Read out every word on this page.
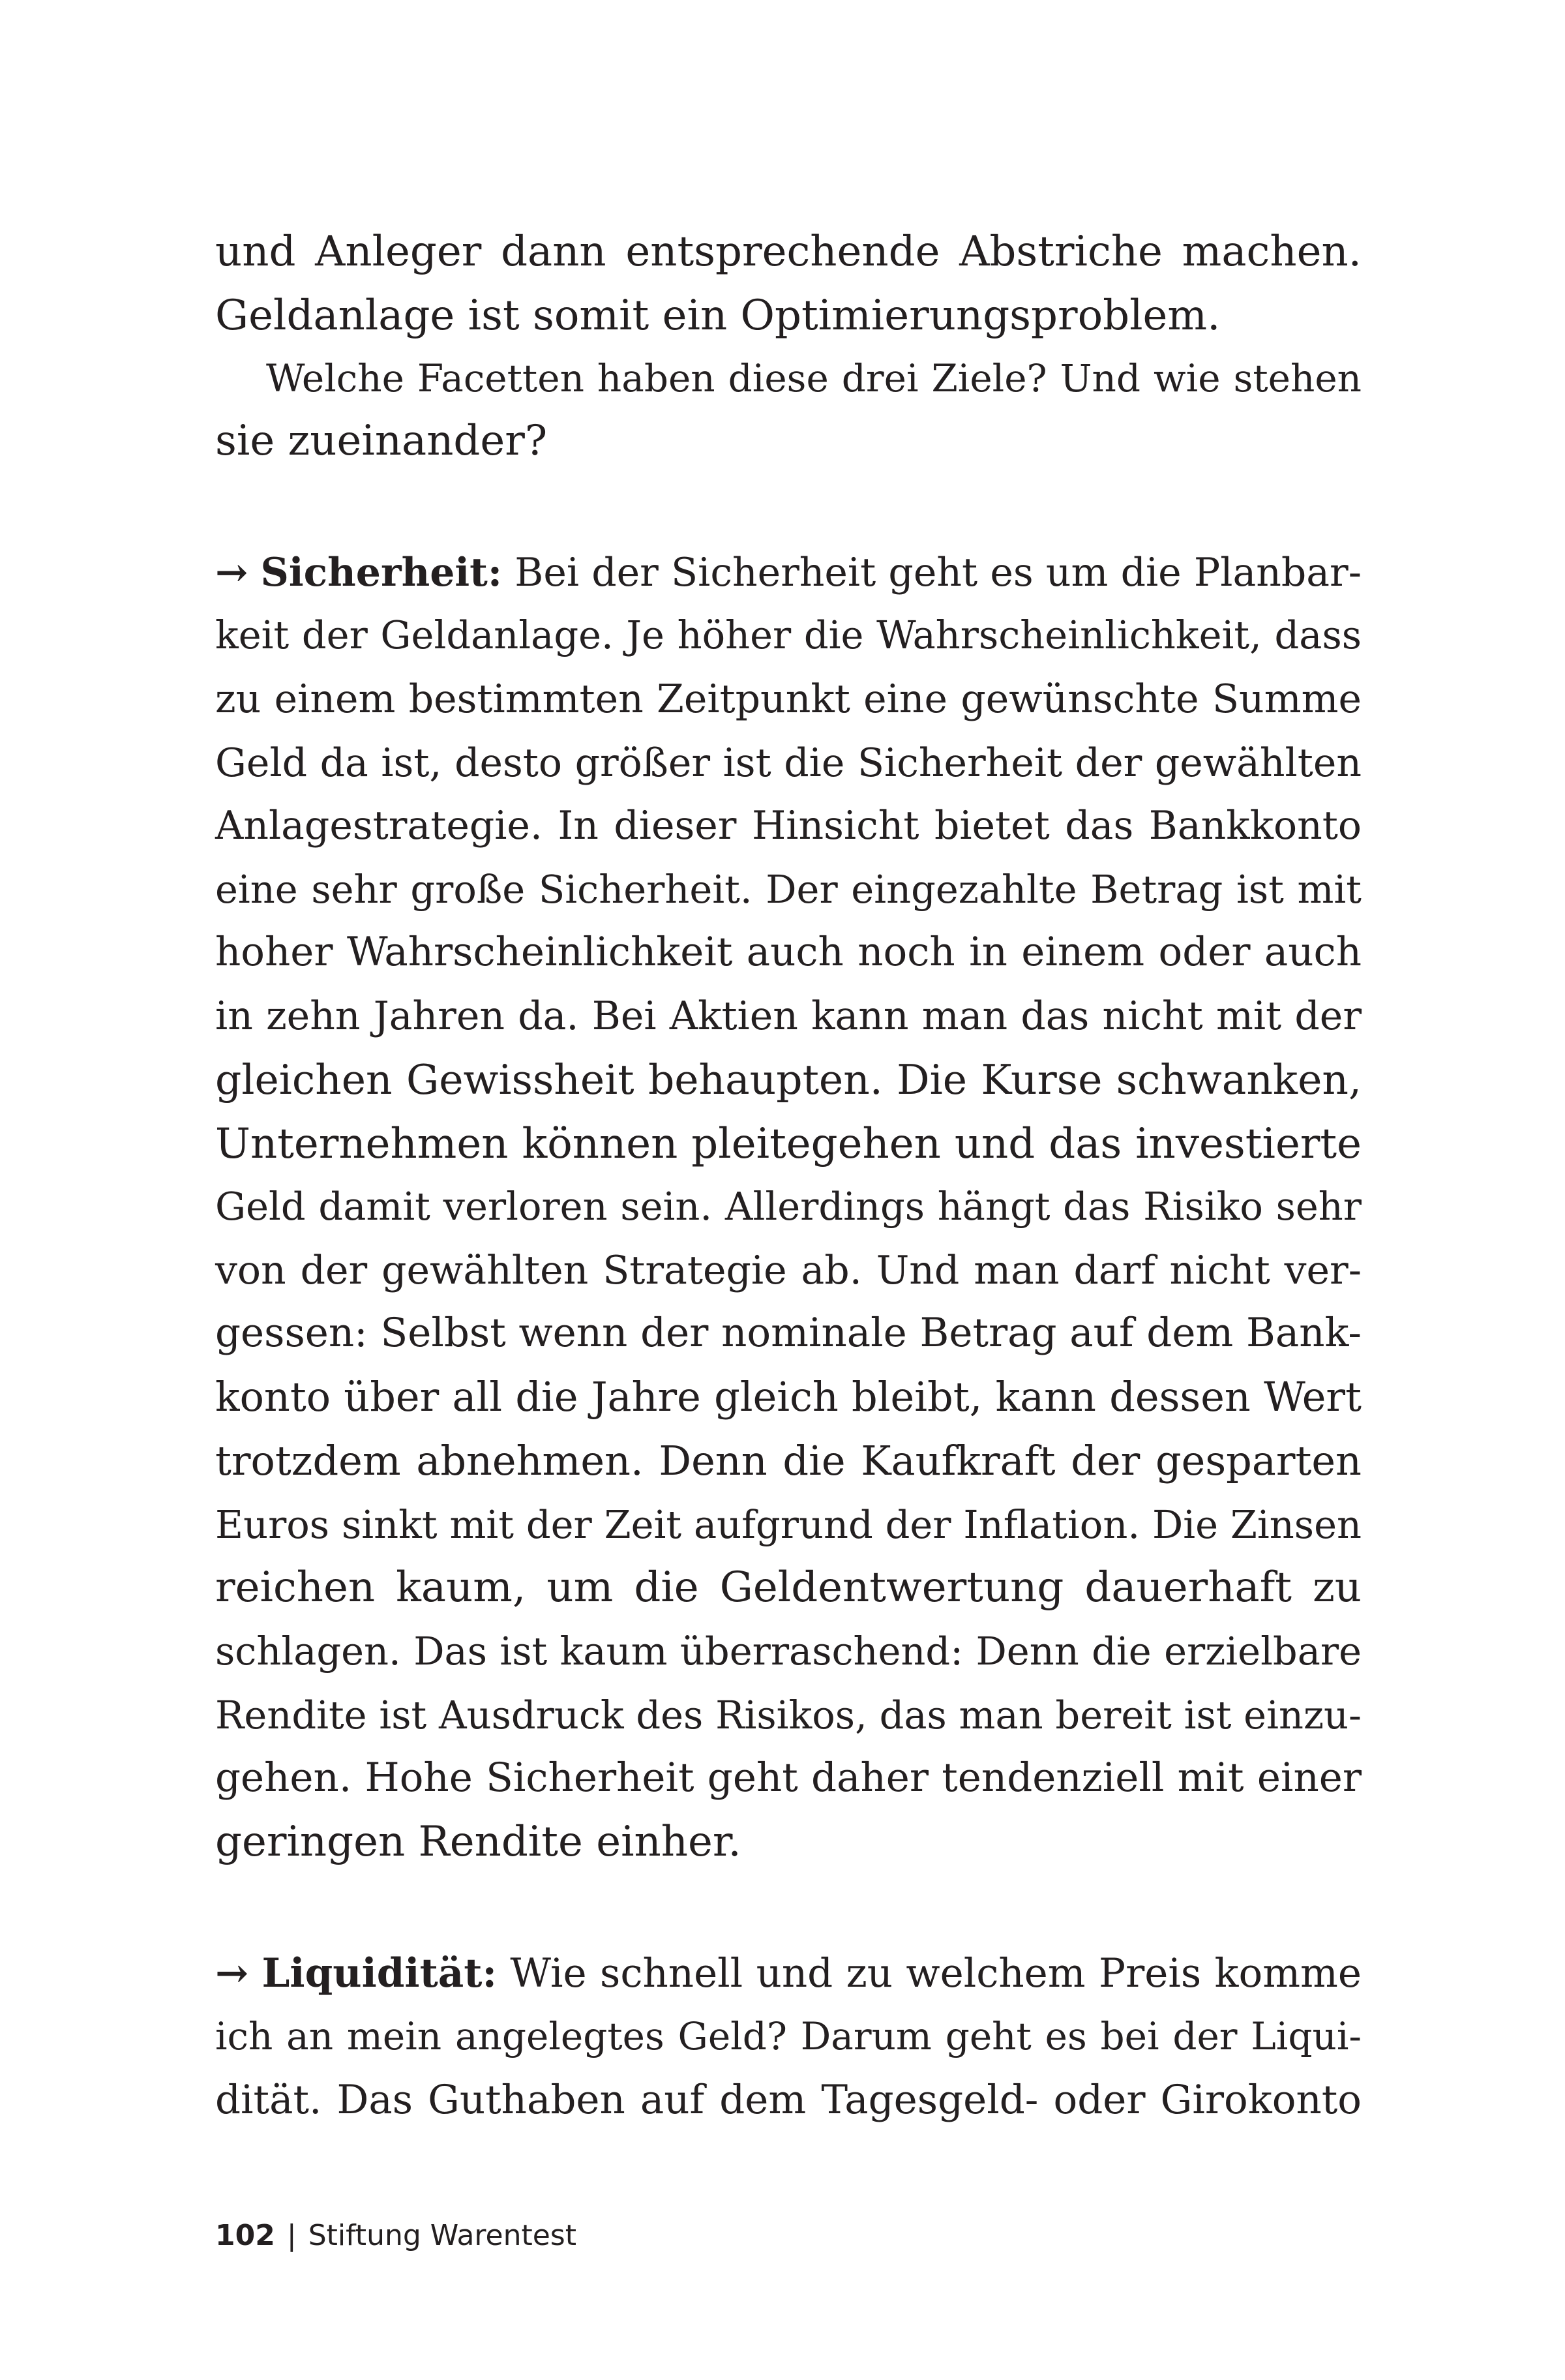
und Anleger dann entsprechende Abstriche machen.
Geldanlage ist somit ein Optimierungsproblem.
Welche Facetten haben diese drei Ziele? Und wie stehen
sie zueinander?
→ Sicherheit: Bei der Sicherheit geht es um die Planbar-
keit der Geldanlage. Je höher die Wahrscheinlichkeit, dass
zu einem bestimmten Zeitpunkt eine gewünschte Summe
Geld da ist, desto größer ist die Sicherheit der gewählten
Anlagestrategie. In dieser Hinsicht bietet das Bankkonto
eine sehr große Sicherheit. Der eingezahlte Betrag ist mit
hoher Wahrscheinlichkeit auch noch in einem oder auch
in zehn Jahren da. Bei Aktien kann man das nicht mit der
gleichen Gewissheit behaupten. Die Kurse schwanken,
Unternehmen können pleitegehen und das investierte
Geld damit verloren sein. Allerdings hängt das Risiko sehr
von der gewählten Strategie ab. Und man darf nicht ver-
gessen: Selbst wenn der nominale Betrag auf dem Bank-
konto über all die Jahre gleich bleibt, kann dessen Wert
trotzdem abnehmen. Denn die Kaufkraft der gesparten
Euros sinkt mit der Zeit aufgrund der Inflation. Die Zinsen
reichen kaum, um die Geldentwertung dauerhaft zu
schlagen. Das ist kaum überraschend: Denn die erzielbare
Rendite ist Ausdruck des Risikos, das man bereit ist einzu-
gehen. Hohe Sicherheit geht daher tendenziell mit einer
geringen Rendite einher.
→ Liquidität: Wie schnell und zu welchem Preis komme
ich an mein angelegtes Geld? Darum geht es bei der Liqui-
dität. Das Guthaben auf dem Tagesgeld- oder Girokonto
102 | Stiftung Warentest
